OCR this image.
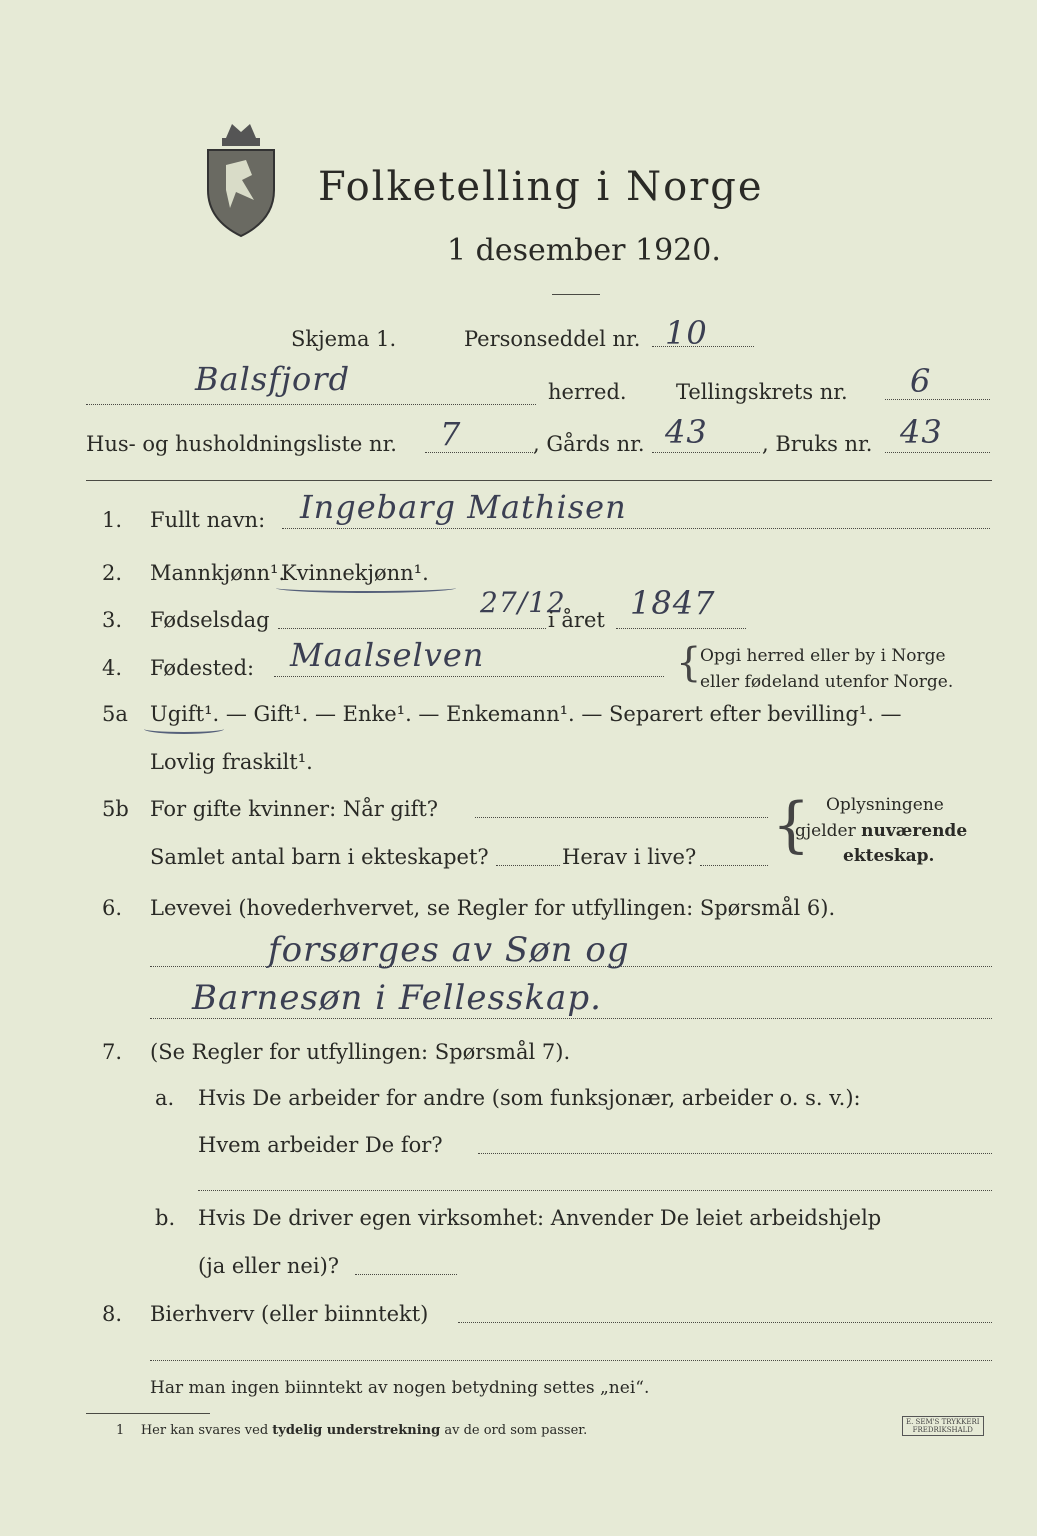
Folketelling i Norge
1 desember 1920.
Skjema 1.	Personseddel nr. 10
Balsfjord	herred. Tellingskrets nr. 6
Hus- og husholdningsliste nr. 7	, Gårds nr. 43	, Bruks nr. 43
1. Fullt navn: Ingebarg Mathisen
2. Mannkjønn¹.
Kvinnekjønn¹.
3. Fødselsdag
27/12
i året 1847
4. Fødested: Maalselven	{
Opgi herred eller by i Norge
eller fødeland utenfor Norge.
5a Ugift¹. — Gift¹. — Enke¹. — Enkemann¹. — Separert efter bevilling¹. —
Lovlig fraskilt¹.
5b For gifte kvinner: Når gift?
Samlet antal barn i ekteskapet?	Herav i live? { Oplysningene
gjelder nuværende
ekteskap.
6. Levevei (hovederhvervet, se Regler for utfyllingen: Spørsmål 6).
forsørges av Søn og
Barnesøn i Fellesskap.
7. (Se Regler for utfyllingen: Spørsmål 7).
a. Hvis De arbeider for andre (som funksjonær, arbeider o. s. v.):
Hvem arbeider De for?
b. Hvis De driver egen virksomhet: Anvender De leiet arbeidshjelp
(ja eller nei)?
8. Bierhverv (eller biinntekt)
Har man ingen biinntekt av nogen betydning settes „nei“.
1 Her kan svares ved tydelig understrekning av de ord som passer.
E. SEM'S TRYKKERI
FREDRIKSHALD
